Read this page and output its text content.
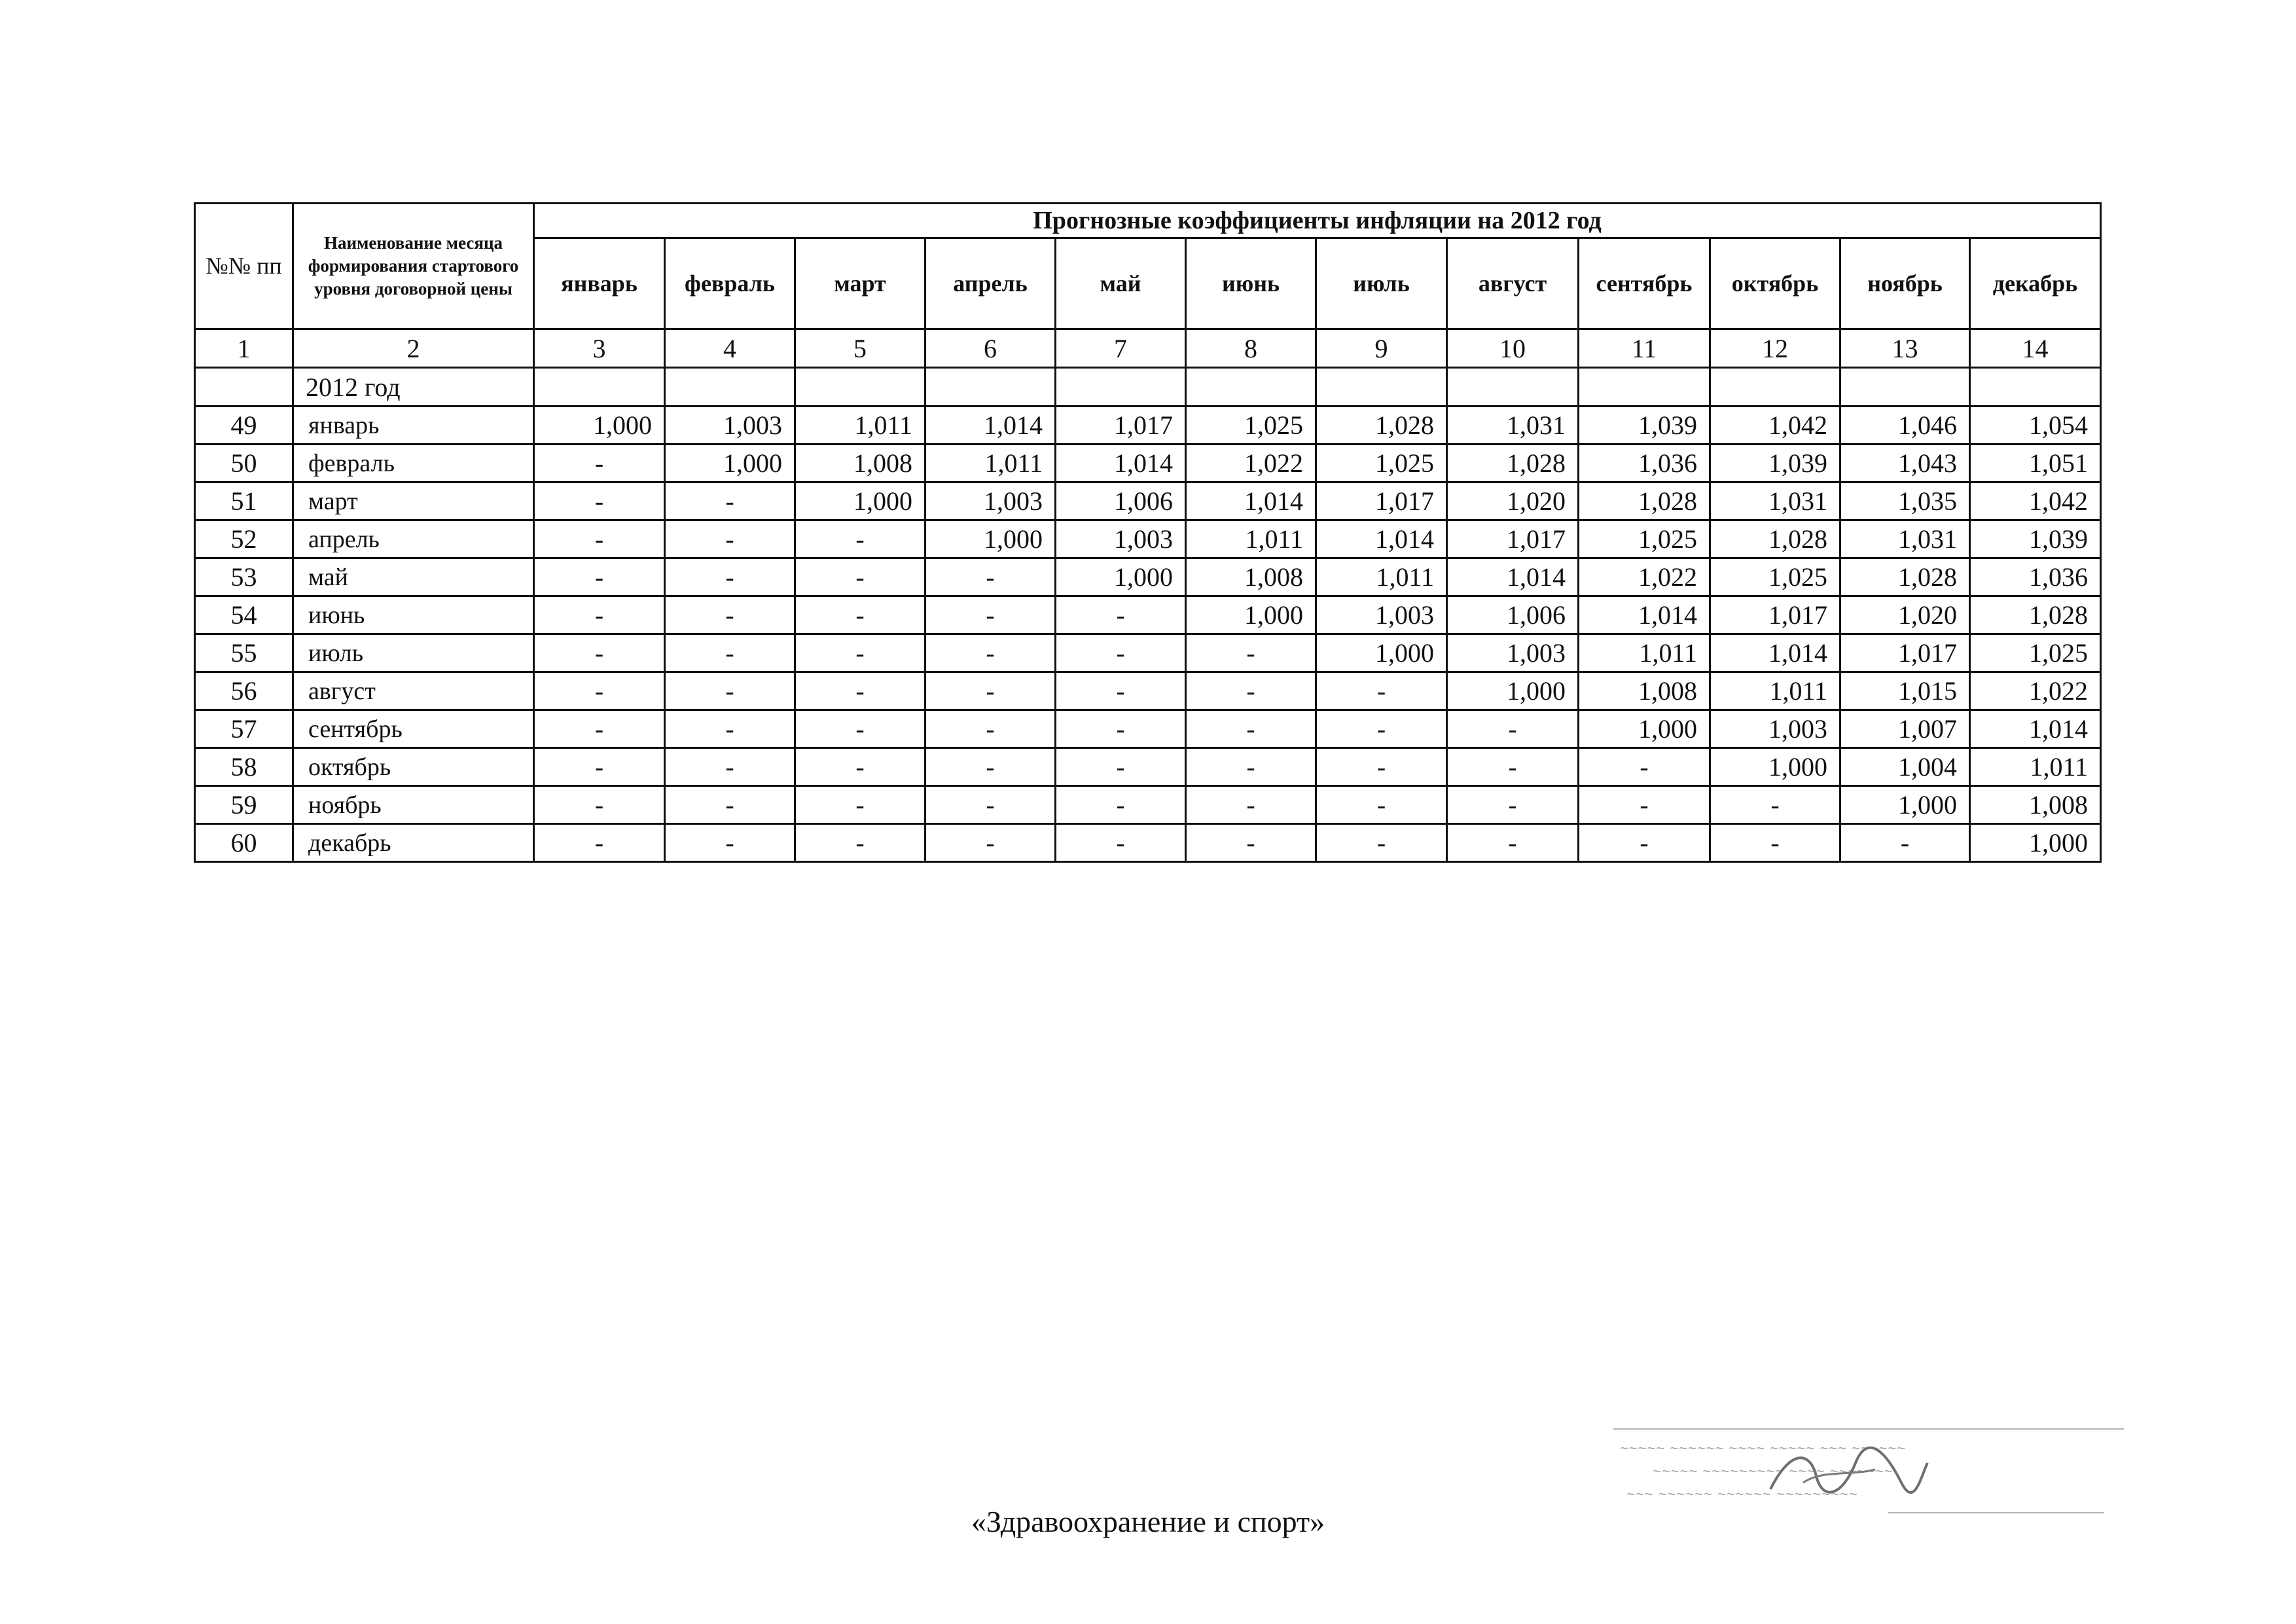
№№ пп	Наименование месяца формирования стартового уровня договорной цены	Прогнозные коэффициенты инфляции на 2012 год											
		январь	февраль	март	апрель	май	июнь	июль	август	сентябрь	октябрь	ноябрь	декабрь
1	2	3	4	5	6	7	8	9	10	11	12	13	14
	2012 год												
49	январь	1,000	1,003	1,011	1,014	1,017	1,025	1,028	1,031	1,039	1,042	1,046	1,054
50	февраль	-	1,000	1,008	1,011	1,014	1,022	1,025	1,028	1,036	1,039	1,043	1,051
51	март	-	-	1,000	1,003	1,006	1,014	1,017	1,020	1,028	1,031	1,035	1,042
52	апрель	-	-	-	1,000	1,003	1,011	1,014	1,017	1,025	1,028	1,031	1,039
53	май	-	-	-	-	1,000	1,008	1,011	1,014	1,022	1,025	1,028	1,036
54	июнь	-	-	-	-	-	1,000	1,003	1,006	1,014	1,017	1,020	1,028
55	июль	-	-	-	-	-	-	1,000	1,003	1,011	1,014	1,017	1,025
56	август	-	-	-	-	-	-	-	1,000	1,008	1,011	1,015	1,022
57	сентябрь	-	-	-	-	-	-	-	-	1,000	1,003	1,007	1,014
58	октябрь	-	-	-	-	-	-	-	-	-	1,000	1,004	1,011
59	ноябрь	-	-	-	-	-	-	-	-	-	-	1,000	1,008
60	декабрь	-	-	-	-	-	-	-	-	-	-	-	1,000
«Здравоохранение и спорт»
~~~~~ ~~~~~~ ~~~~ ~~~~~ ~~~ ~~~~~~
~~~~~ ~~~~~~~~~ ~~~~ ~~~~~~~
~~~ ~~~~~~ ~~~~~~ ~~~~~~~~~
